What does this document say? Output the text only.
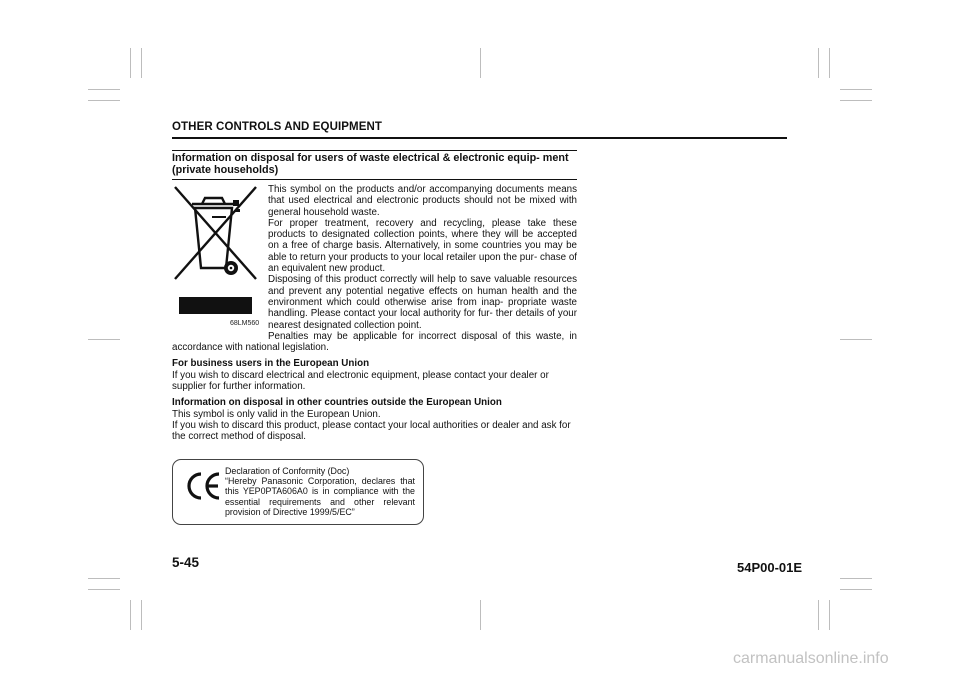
OTHER CONTROLS AND EQUIPMENT
Information on disposal for users of waste electrical & electronic equip- ment (private households)
68LM560

This symbol on the products and/or accompanying documents means that used electrical and electronic products should not be mixed with general household waste.

For proper treatment, recovery and recycling, please take these products to designated collection points, where they will be accepted on a free of charge basis. Alternatively, in some countries you may be able to return your products to your local retailer upon the pur- chase of an equivalent new product.

Disposing of this product correctly will help to save valuable resources and prevent any potential negative effects on human health and the environment which could otherwise arise from inap- propriate waste handling. Please contact your local authority for fur- ther details of your nearest designated collection point.

Penalties may be applicable for incorrect disposal of this waste, in accordance with national legislation.

For business users in the European Union

If you wish to discard electrical and electronic equipment, please contact your dealer or supplier for further information.

Information on disposal in other countries outside the European Union

This symbol is only valid in the European Union.

If you wish to discard this product, please contact your local authorities or dealer and ask for the correct method of disposal.

Declaration of Conformity (Doc)
“Hereby Panasonic Corporation, declares that this YEP0PTA606A0 is in compliance with the essential requirements and other relevant provision of Directive 1999/5/EC”
5-45	54P00-01E
carmanualsonline.info
